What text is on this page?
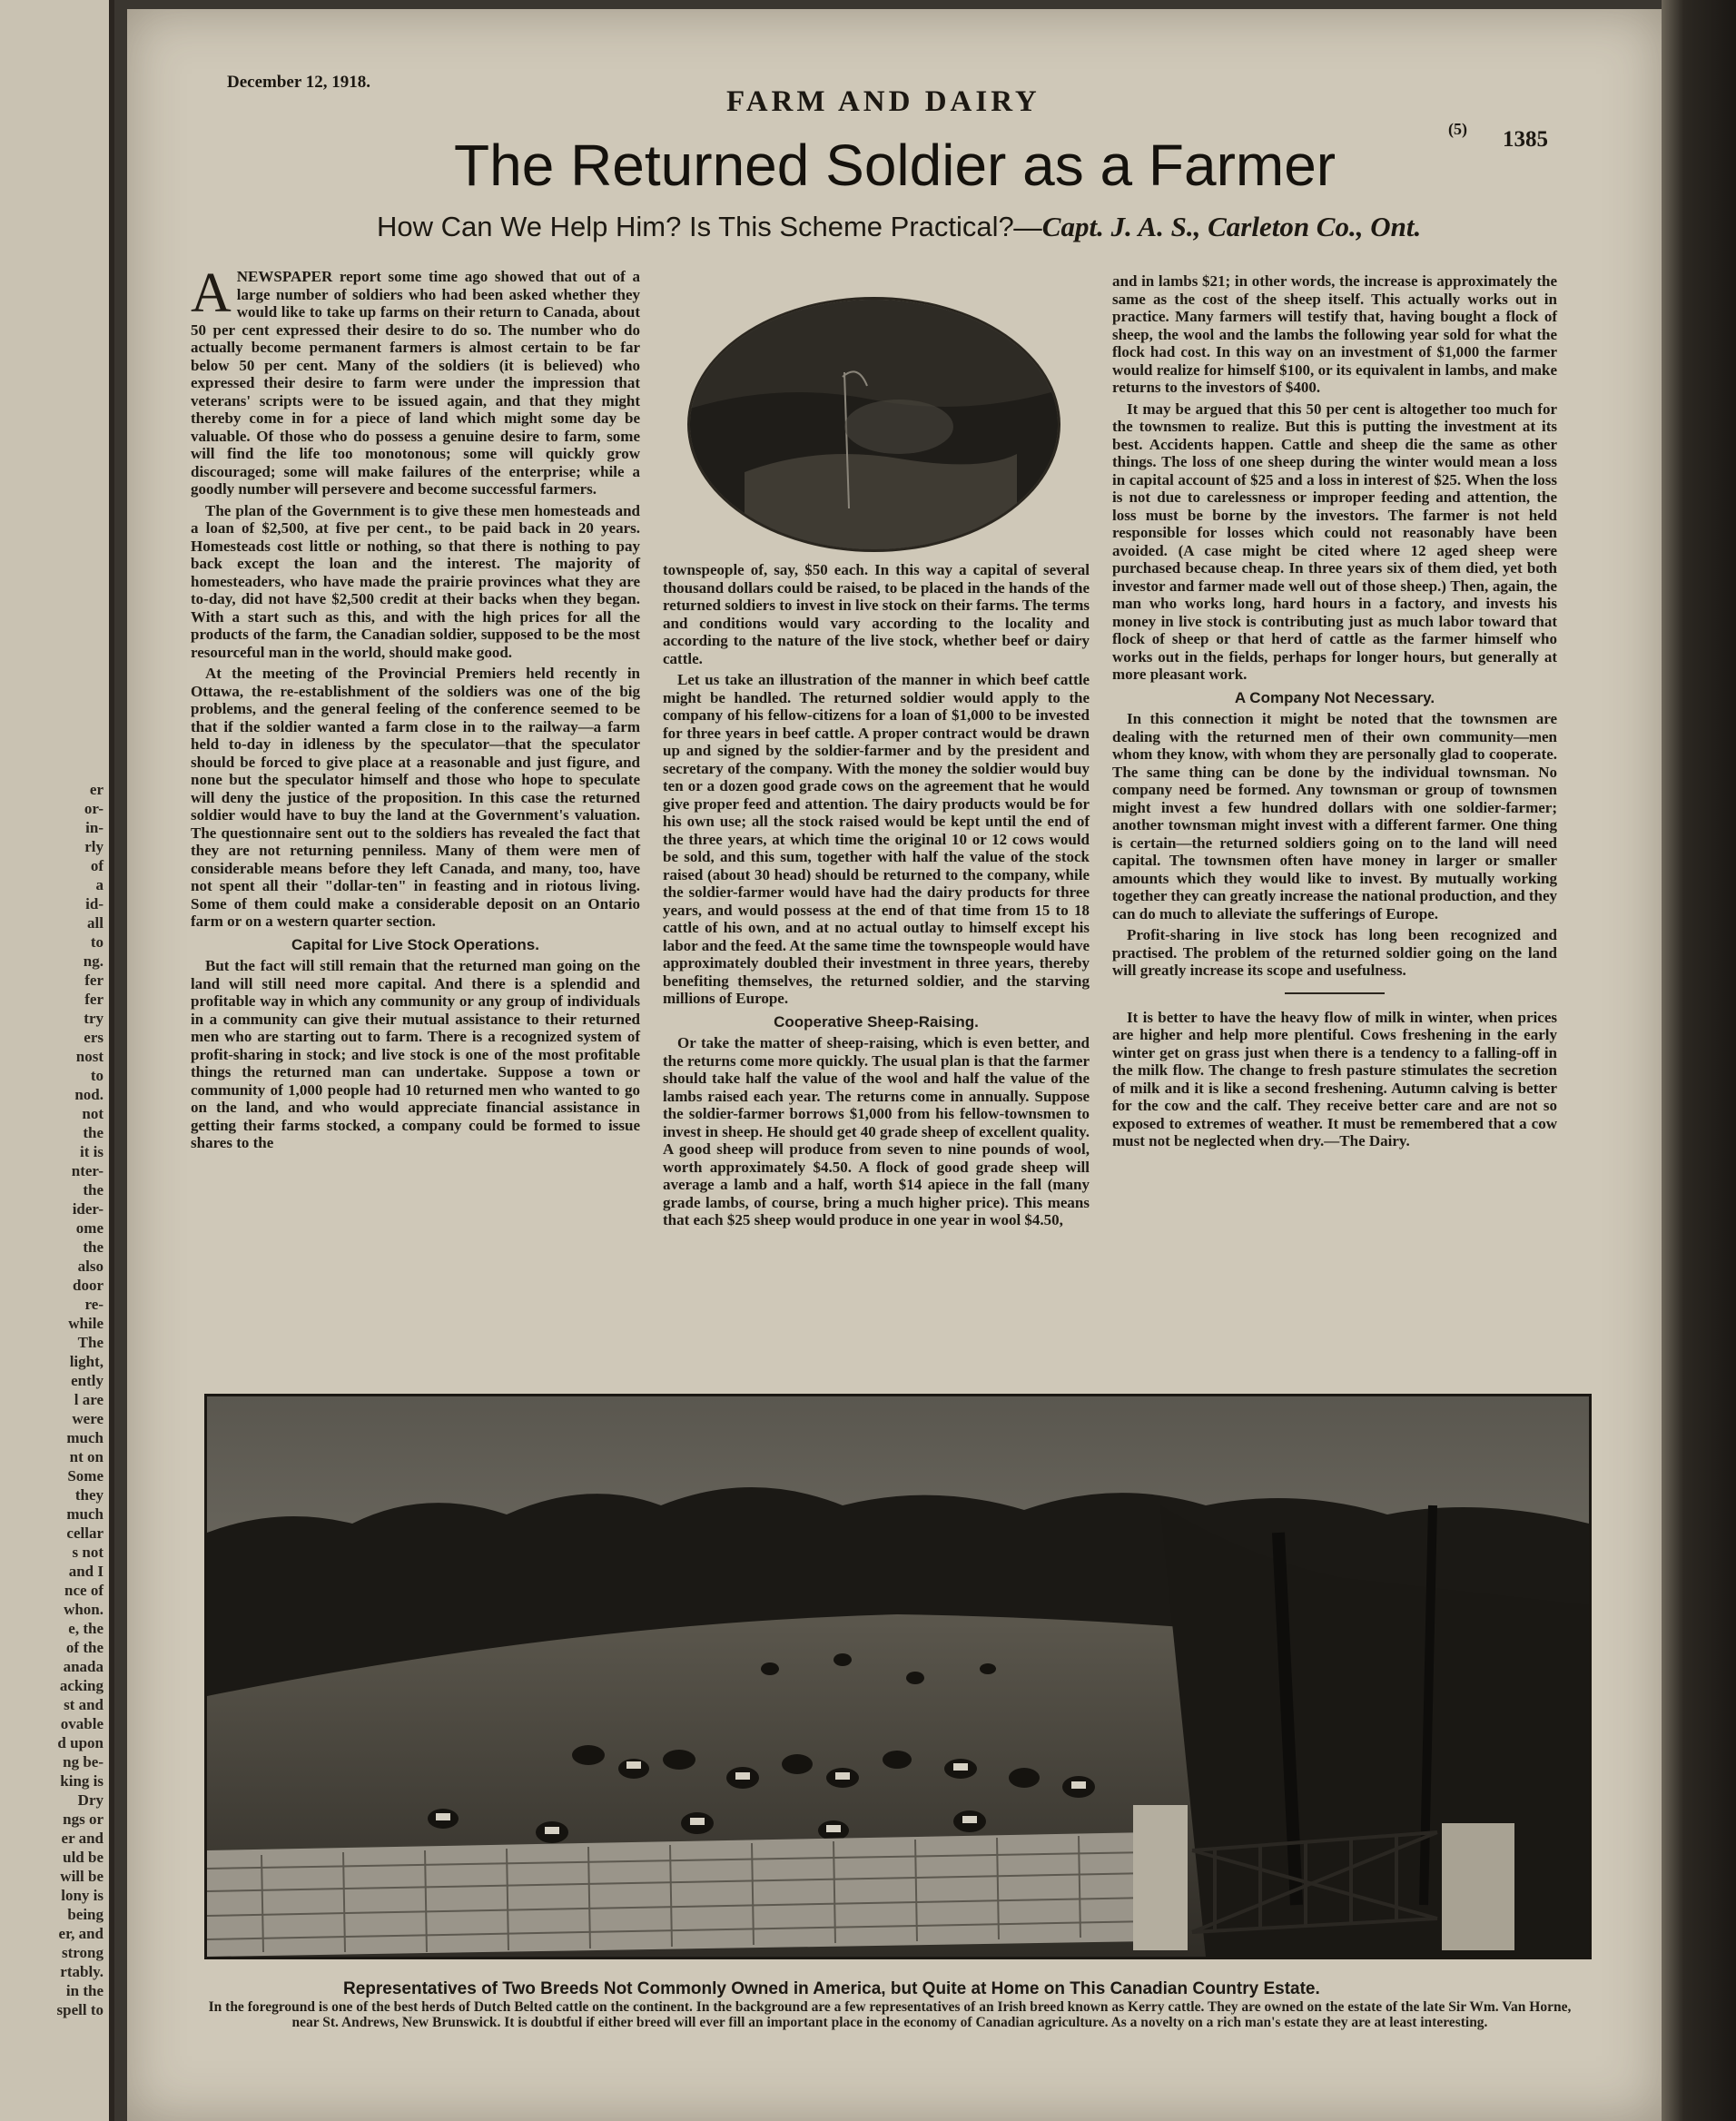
er
or-
in-
rly
of
a
id-
all
to
ng.
fer
fer
try
ers
nost
to
nod.
not
the
it is
nter-
the
ider-
ome
the
also
door
re-
while
The
light,
ently
l are
were
much
nt on
Some
they
much
cellar
s not
and I
nce of
whon.
e, the
of the
anada
acking
st and
ovable
d upon
ng be-
king is
Dry
ngs or
er and
uld be
will be
lony is
being
er, and
strong
rtably.
in the
spell to
December 12, 1918.
FARM AND DAIRY
(5) 1385
The Returned Soldier as a Farmer
How Can We Help Him? Is This Scheme Practical?—Capt. J. A. S., Carleton Co., Ont.

ANEWSPAPER report some time ago showed that out of a large number of soldiers who had been asked whether they would like to take up farms on their return to Canada, about 50 per cent expressed their desire to do so. The number who do actually become permanent farmers is almost certain to be far below 50 per cent. Many of the soldiers (it is believed) who expressed their desire to farm were under the impression that veterans' scripts were to be issued again, and that they might thereby come in for a piece of land which might some day be valuable. Of those who do possess a genuine desire to farm, some will find the life too monotonous; some will quickly grow discouraged; some will make failures of the enterprise; while a goodly number will persevere and become successful farmers.

The plan of the Government is to give these men homesteads and a loan of $2,500, at five per cent., to be paid back in 20 years. Homesteads cost little or nothing, so that there is nothing to pay back except the loan and the interest. The majority of homesteaders, who have made the prairie provinces what they are to-day, did not have $2,500 credit at their backs when they began. With a start such as this, and with the high prices for all the products of the farm, the Canadian soldier, supposed to be the most resourceful man in the world, should make good.

At the meeting of the Provincial Premiers held recently in Ottawa, the re-establishment of the soldiers was one of the big problems, and the general feeling of the conference seemed to be that if the soldier wanted a farm close in to the railway—a farm held to-day in idleness by the speculator—that the speculator should be forced to give place at a reasonable and just figure, and none but the speculator himself and those who hope to speculate will deny the justice of the proposition. In this case the returned soldier would have to buy the land at the Government's valuation. The questionnaire sent out to the soldiers has revealed the fact that they are not returning penniless. Many of them were men of considerable means before they left Canada, and many, too, have not spent all their "dollar-ten" in feasting and in riotous living. Some of them could make a considerable deposit on an Ontario farm or on a western quarter section.

Capital for Live Stock Operations.

But the fact will still remain that the returned man going on the land will still need more capital. And there is a splendid and profitable way in which any community or any group of individuals in a community can give their mutual assistance to their returned men who are starting out to farm. There is a recognized system of profit-sharing in stock; and live stock is one of the most profitable things the returned man can undertake. Suppose a town or community of 1,000 people had 10 returned men who wanted to go on the land, and who would appreciate financial assistance in getting their farms stocked, a company could be formed to issue shares to the

townspeople of, say, $50 each. In this way a capital of several thousand dollars could be raised, to be placed in the hands of the returned soldiers to invest in live stock on their farms. The terms and conditions would vary according to the locality and according to the nature of the live stock, whether beef or dairy cattle.

Let us take an illustration of the manner in which beef cattle might be handled. The returned soldier would apply to the company of his fellow-citizens for a loan of $1,000 to be invested for three years in beef cattle. A proper contract would be drawn up and signed by the soldier-farmer and by the president and secretary of the company. With the money the soldier would buy ten or a dozen good grade cows on the agreement that he would give proper feed and attention. The dairy products would be for his own use; all the stock raised would be kept until the end of the three years, at which time the original 10 or 12 cows would be sold, and this sum, together with half the value of the stock raised (about 30 head) should be returned to the company, while the soldier-farmer would have had the dairy products for three years, and would possess at the end of that time from 15 to 18 cattle of his own, and at no actual outlay to himself except his labor and the feed. At the same time the townspeople would have approximately doubled their investment in three years, thereby benefiting themselves, the returned soldier, and the starving millions of Europe.

Cooperative Sheep-Raising.

Or take the matter of sheep-raising, which is even better, and the returns come more quickly. The usual plan is that the farmer should take half the value of the wool and half the value of the lambs raised each year. The returns come in annually. Suppose the soldier-farmer borrows $1,000 from his fellow-townsmen to invest in sheep. He should get 40 grade sheep of excellent quality. A good sheep will produce from seven to nine pounds of wool, worth approximately $4.50. A flock of good grade sheep will average a lamb and a half, worth $14 apiece in the fall (many grade lambs, of course, bring a much higher price). This means that each $25 sheep would produce in one year in wool $4.50,

and in lambs $21; in other words, the increase is approximately the same as the cost of the sheep itself. This actually works out in practice. Many farmers will testify that, having bought a flock of sheep, the wool and the lambs the following year sold for what the flock had cost. In this way on an investment of $1,000 the farmer would realize for himself $100, or its equivalent in lambs, and make returns to the investors of $400.

It may be argued that this 50 per cent is altogether too much for the townsmen to realize. But this is putting the investment at its best. Accidents happen. Cattle and sheep die the same as other things. The loss of one sheep during the winter would mean a loss in capital account of $25 and a loss in interest of $25. When the loss is not due to carelessness or improper feeding and attention, the loss must be borne by the investors. The farmer is not held responsible for losses which could not reasonably have been avoided. (A case might be cited where 12 aged sheep were purchased because cheap. In three years six of them died, yet both investor and farmer made well out of those sheep.) Then, again, the man who works long, hard hours in a factory, and invests his money in live stock is contributing just as much labor toward that flock of sheep or that herd of cattle as the farmer himself who works out in the fields, perhaps for longer hours, but generally at more pleasant work.

A Company Not Necessary.

In this connection it might be noted that the townsmen are dealing with the returned men of their own community—men whom they know, with whom they are personally glad to cooperate. The same thing can be done by the individual townsman. No company need be formed. Any townsman or group of townsmen might invest a few hundred dollars with one soldier-farmer; another townsman might invest with a different farmer. One thing is certain—the returned soldiers going on to the land will need capital. The townsmen often have money in larger or smaller amounts which they would like to invest. By mutually working together they can greatly increase the national production, and they can do much to alleviate the sufferings of Europe.

Profit-sharing in live stock has long been recognized and practised. The problem of the returned soldier going on the land will greatly increase its scope and usefulness.

It is better to have the heavy flow of milk in winter, when prices are higher and help more plentiful. Cows freshening in the early winter get on grass just when there is a tendency to a falling-off in the milk flow. The change to fresh pasture stimulates the secretion of milk and it is like a second freshening. Autumn calving is better for the cow and the calf. They receive better care and are not so exposed to extremes of weather. It must be remembered that a cow must not be neglected when dry.—The Dairy.

Representatives of Two Breeds Not Commonly Owned in America, but Quite at Home on This Canadian Country Estate.
In the foreground is one of the best herds of Dutch Belted cattle on the continent. In the background are a few representatives of an Irish breed known as Kerry cattle. They are owned on the estate of the late Sir Wm. Van Horne, near St. Andrews, New Brunswick. It is doubtful if either breed will ever fill an important place in the economy of Canadian agriculture. As a novelty on a rich man's estate they are at least interesting.
